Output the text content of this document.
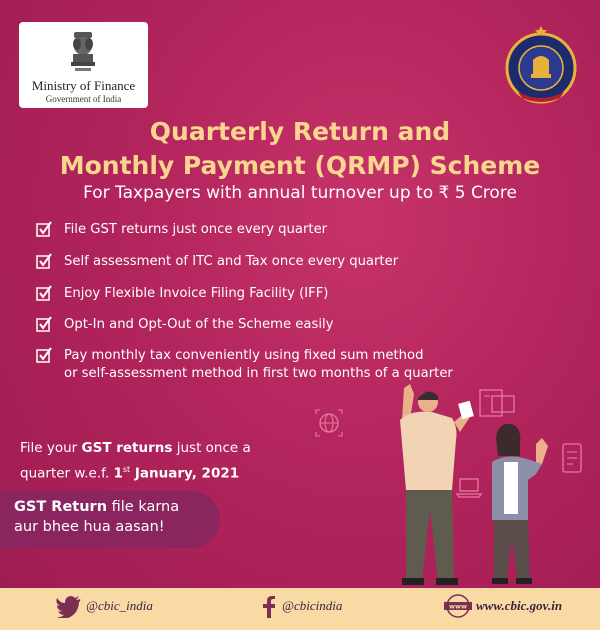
Ministry of Finance
Government of India
Quarterly Return and
Monthly Payment (QRMP) Scheme
For Taxpayers with annual turnover up to ₹ 5 Crore
File GST returns just once every quarter
Self assessment of ITC and Tax once every quarter
Enjoy Flexible Invoice Filing Facility (IFF)
Opt-In and Opt-Out of the Scheme easily
Pay monthly tax conveniently using fixed sum method
or self-assessment method in first two months of a quarter
File your GST returns just once a
quarter w.e.f. 1st January, 2021
GST Return file karna
aur bhee hua aasan!
@cbic_india	@cbicindia	www www.cbic.gov.in
